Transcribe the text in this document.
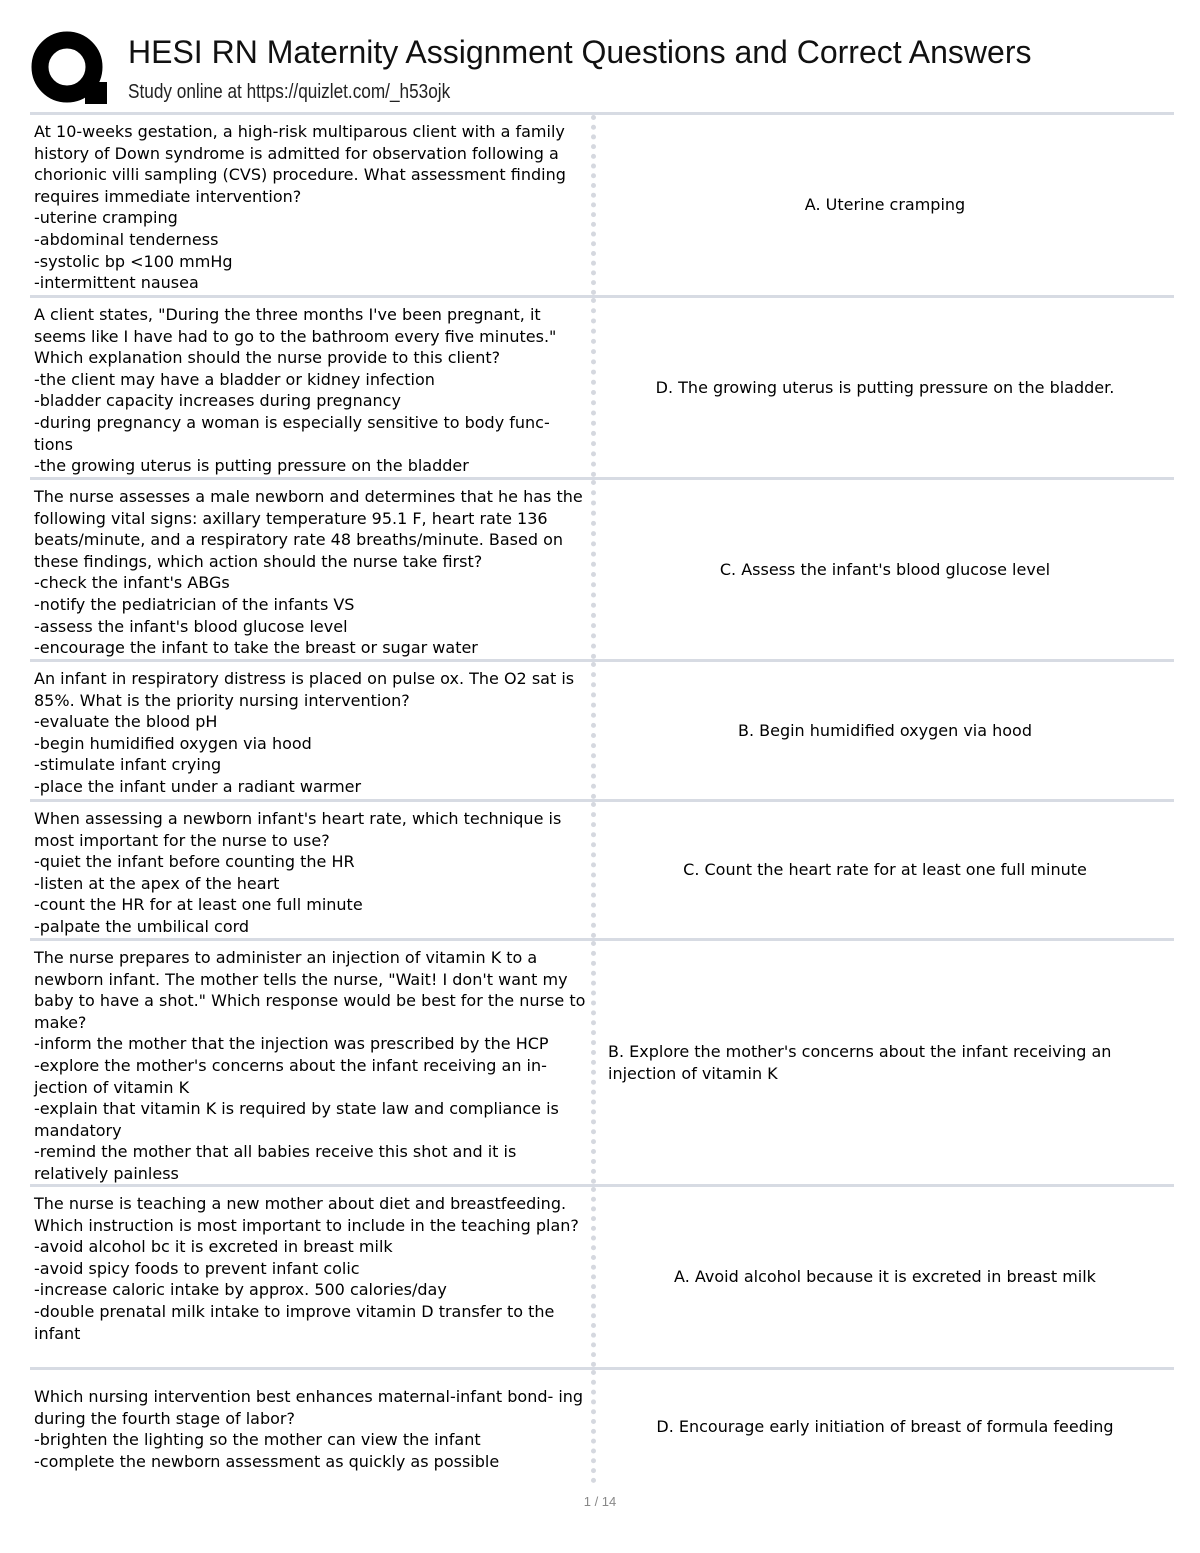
HESI RN Maternity Assignment Questions and Correct Answers
Study online at https://quizlet.com/_h53ojk
At 10-weeks gestation, a high-risk multiparous client with a family history of Down syndrome is admitted for observation following a chorionic villi sampling (CVS) procedure. What assessment finding requires immediate intervention?
-uterine cramping
-abdominal tenderness
-systolic bp <100 mmHg
-intermittent nausea
A. Uterine cramping
A client states, "During the three months I've been pregnant, it seems like I have had to go to the bathroom every five minutes." Which explanation should the nurse provide to this client?
-the client may have a bladder or kidney infection
-bladder capacity increases during pregnancy
-during pregnancy a woman is especially sensitive to body func- tions
-the growing uterus is putting pressure on the bladder
D. The growing uterus is putting pressure on the bladder.
The nurse assesses a male newborn and determines that he has the following vital signs: axillary temperature 95.1 F, heart rate 136 beats/minute, and a respiratory rate 48 breaths/minute. Based on these findings, which action should the nurse take first?
-check the infant's ABGs
-notify the pediatrician of the infants VS
-assess the infant's blood glucose level
-encourage the infant to take the breast or sugar water
C. Assess the infant's blood glucose level
An infant in respiratory distress is placed on pulse ox. The O2 sat is 85%. What is the priority nursing intervention?
-evaluate the blood pH
-begin humidified oxygen via hood
-stimulate infant crying
-place the infant under a radiant warmer
B. Begin humidified oxygen via hood
When assessing a newborn infant's heart rate, which technique is most important for the nurse to use?
-quiet the infant before counting the HR
-listen at the apex of the heart
-count the HR for at least one full minute
-palpate the umbilical cord
C. Count the heart rate for at least one full minute
The nurse prepares to administer an injection of vitamin K to a newborn infant. The mother tells the nurse, "Wait! I don't want my baby to have a shot." Which response would be best for the nurse to make?
-inform the mother that the injection was prescribed by the HCP
-explore the mother's concerns about the infant receiving an in- jection of vitamin K
-explain that vitamin K is required by state law and compliance is mandatory
-remind the mother that all babies receive this shot and it is relatively painless
B. Explore the mother's concerns about the infant receiving an injection of vitamin K
The nurse is teaching a new mother about diet and breastfeeding. Which instruction is most important to include in the teaching plan?
-avoid alcohol bc it is excreted in breast milk
-avoid spicy foods to prevent infant colic
-increase caloric intake by approx. 500 calories/day
-double prenatal milk intake to improve vitamin D transfer to the infant
A. Avoid alcohol because it is excreted in breast milk
Which nursing intervention best enhances maternal-infant bond- ing during the fourth stage of labor?
-brighten the lighting so the mother can view the infant
-complete the newborn assessment as quickly as possible
D. Encourage early initiation of breast of formula feeding
1 / 14
